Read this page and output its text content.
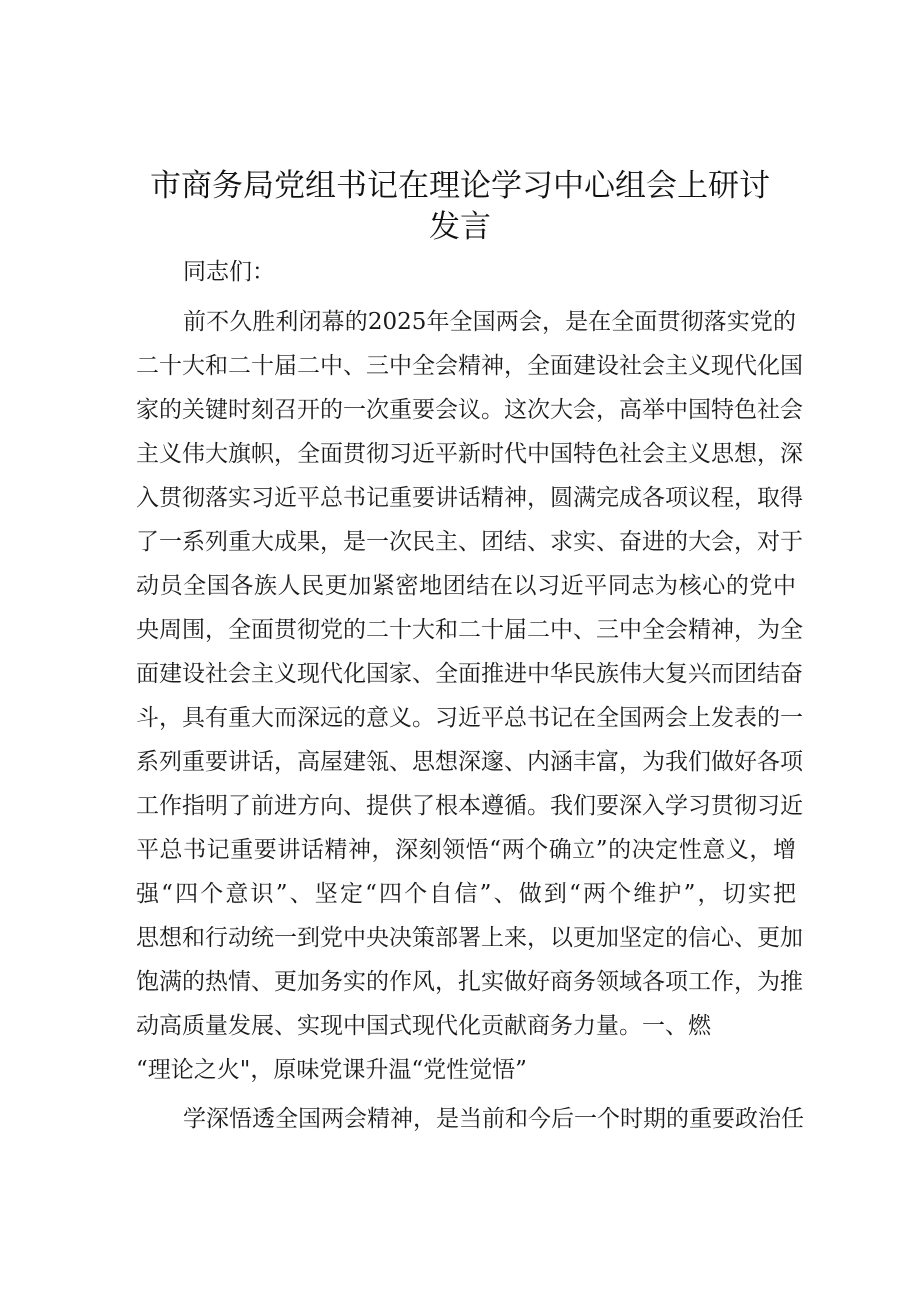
市商务局党组书记在理论学习中心组会上研讨
发言
同志们：
前不久胜利闭幕的2025年全国两会，是在全面贯彻落实党的
二十大和二十届二中、三中全会精神，全面建设社会主义现代化国
家的关键时刻召开的一次重要会议。这次大会，高举中国特色社会
主义伟大旗帜，全面贯彻习近平新时代中国特色社会主义思想，深
入贯彻落实习近平总书记重要讲话精神，圆满完成各项议程，取得
了一系列重大成果，是一次民主、团结、求实、奋进的大会，对于
动员全国各族人民更加紧密地团结在以习近平同志为核心的党中
央周围，全面贯彻党的二十大和二十届二中、三中全会精神，为全
面建设社会主义现代化国家、全面推进中华民族伟大复兴而团结奋
斗，具有重大而深远的意义。习近平总书记在全国两会上发表的一
系列重要讲话，高屋建瓴、思想深邃、内涵丰富，为我们做好各项
工作指明了前进方向、提供了根本遵循。我们要深入学习贯彻习近
平总书记重要讲话精神，深刻领悟“两个确立”的决定性意义，增
强“四个意识”、坚定“四个自信”、做到“两个维护”，切实把
思想和行动统一到党中央决策部署上来，以更加坚定的信心、更加
饱满的热情、更加务实的作风，扎实做好商务领域各项工作，为推
动高质量发展、实现中国式现代化贡献商务力量。一、燃
“理论之火"，原味党课升温“党性觉悟”
学深悟透全国两会精神，是当前和今后一个时期的重要政治任
